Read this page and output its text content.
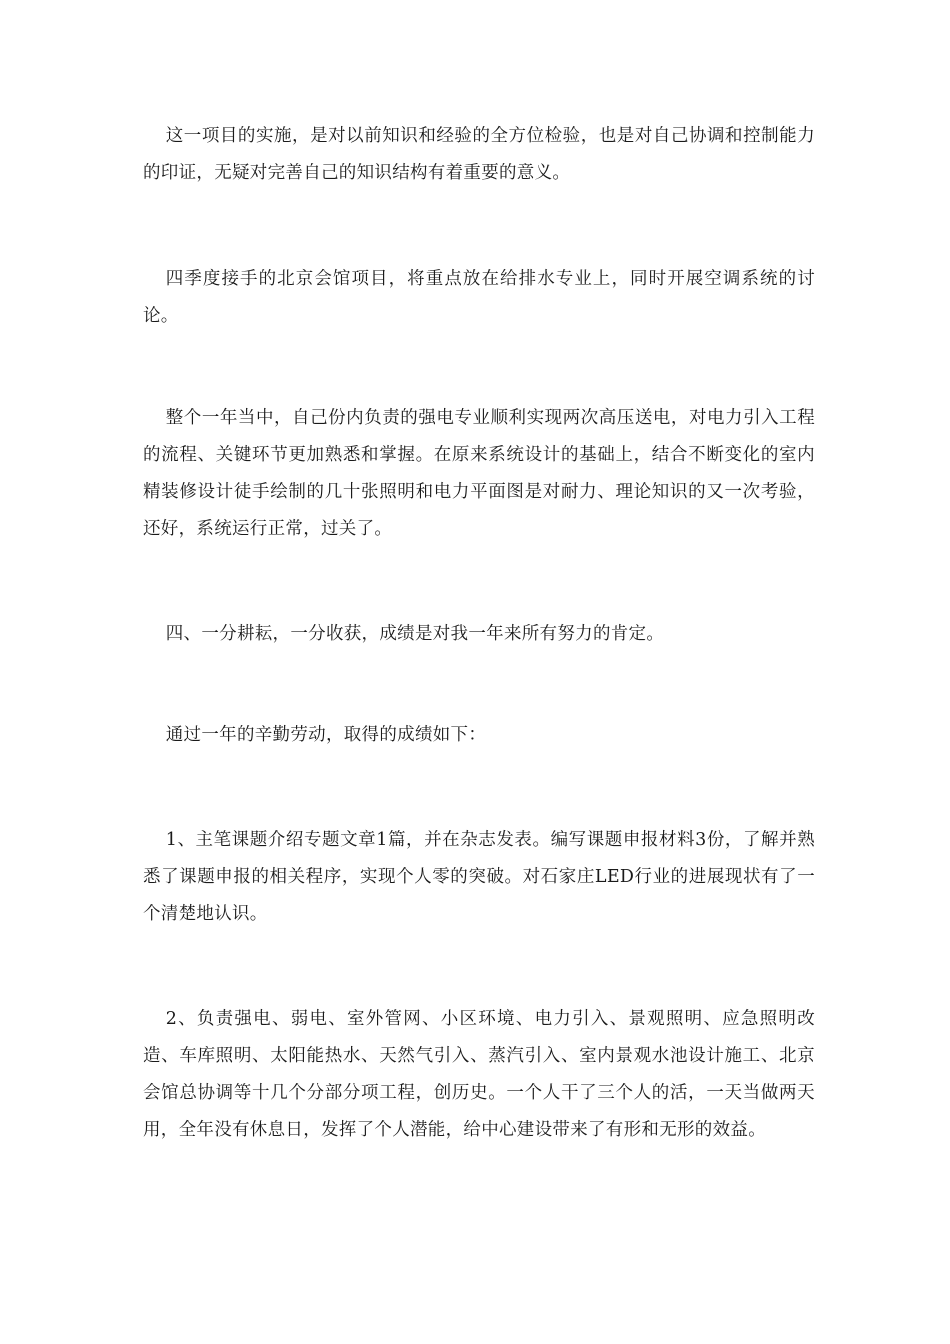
这一项目的实施，是对以前知识和经验的全方位检验，也是对自己协调和控制能力的印证，无疑对完善自己的知识结构有着重要的意义。

四季度接手的北京会馆项目，将重点放在给排水专业上，同时开展空调系统的讨论。

整个一年当中，自己份内负责的强电专业顺利实现两次高压送电，对电力引入工程的流程、关键环节更加熟悉和掌握。在原来系统设计的基础上，结合不断变化的室内精装修设计徒手绘制的几十张照明和电力平面图是对耐力、理论知识的又一次考验，还好，系统运行正常，过关了。

四、一分耕耘，一分收获，成绩是对我一年来所有努力的肯定。

通过一年的辛勤劳动，取得的成绩如下：

1、主笔课题介绍专题文章1篇，并在杂志发表。编写课题申报材料3份，了解并熟悉了课题申报的相关程序，实现个人零的突破。对石家庄LED行业的进展现状有了一个清楚地认识。

2、负责强电、弱电、室外管网、小区环境、电力引入、景观照明、应急照明改造、车库照明、太阳能热水、天然气引入、蒸汽引入、室内景观水池设计施工、北京会馆总协调等十几个分部分项工程，创历史。一个人干了三个人的活，一天当做两天用，全年没有休息日，发挥了个人潜能，给中心建设带来了有形和无形的效益。
